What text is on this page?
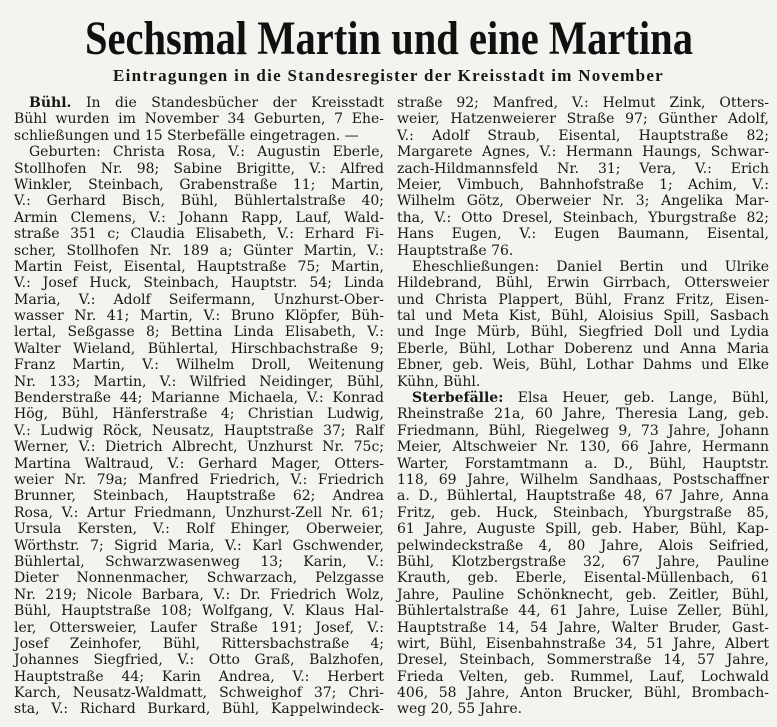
Sechsmal Martin und eine Martina
Eintragungen in die Standesregister der Kreisstadt im November
Bühl. In die Standesbücher der Kreisstadt
Bühl wurden im November 34 Geburten, 7 Ehe-
schließungen und 15 Sterbefälle eingetragen. —
Geburten: Christa Rosa, V.: Augustin Eberle,
Stollhofen Nr. 98; Sabine Brigitte, V.: Alfred
Winkler, Steinbach, Grabenstraße 11; Martin,
V.: Gerhard Bisch, Bühl, Bühlertalstraße 40;
Armin Clemens, V.: Johann Rapp, Lauf, Wald-
straße 351 c; Claudia Elisabeth, V.: Erhard Fi-
scher, Stollhofen Nr. 189 a; Günter Martin, V.:
Martin Feist, Eisental, Hauptstraße 75; Martin,
V.: Josef Huck, Steinbach, Hauptstr. 54; Linda
Maria, V.: Adolf Seifermann, Unzhurst-Ober-
wasser Nr. 41; Martin, V.: Bruno Klöpfer, Büh-
lertal, Seßgasse 8; Bettina Linda Elisabeth, V.:
Walter Wieland, Bühlertal, Hirschbachstraße 9;
Franz Martin, V.: Wilhelm Droll, Weitenung
Nr. 133; Martin, V.: Wilfried Neidinger, Bühl,
Benderstraße 44; Marianne Michaela, V.: Konrad
Hög, Bühl, Hänferstraße 4; Christian Ludwig,
V.: Ludwig Röck, Neusatz, Hauptstraße 37; Ralf
Werner, V.: Dietrich Albrecht, Unzhurst Nr. 75c;
Martina Waltraud, V.: Gerhard Mager, Otters-
weier Nr. 79a; Manfred Friedrich, V.: Friedrich
Brunner, Steinbach, Hauptstraße 62; Andrea
Rosa, V.: Artur Friedmann, Unzhurst-Zell Nr. 61;
Ursula Kersten, V.: Rolf Ehinger, Oberweier,
Wörthstr. 7; Sigrid Maria, V.: Karl Gschwender,
Bühlertal, Schwarzwasenweg 13; Karin, V.:
Dieter Nonnenmacher, Schwarzach, Pelzgasse
Nr. 219; Nicole Barbara, V.: Dr. Friedrich Wolz,
Bühl, Hauptstraße 108; Wolfgang, V. Klaus Hal-
ler, Ottersweier, Laufer Straße 191; Josef, V.:
Josef Zeinhofer, Bühl, Rittersbachstraße 4;
Johannes Siegfried, V.: Otto Graß, Balzhofen,
Hauptstraße 44; Karin Andrea, V.: Herbert
Karch, Neusatz-Waldmatt, Schweighof 37; Chri-
sta, V.: Richard Burkard, Bühl, Kappelwindeck-
straße 92; Manfred, V.: Helmut Zink, Otters-
weier, Hatzenweierer Straße 97; Günther Adolf,
V.: Adolf Straub, Eisental, Hauptstraße 82;
Margarete Agnes, V.: Hermann Haungs, Schwar-
zach-Hildmannsfeld Nr. 31; Vera, V.: Erich
Meier, Vimbuch, Bahnhofstraße 1; Achim, V.:
Wilhelm Götz, Oberweier Nr. 3; Angelika Mar-
tha, V.: Otto Dresel, Steinbach, Yburgstraße 82;
Hans Eugen, V.: Eugen Baumann, Eisental,
Hauptstraße 76.
Eheschließungen: Daniel Bertin und Ulrike
Hildebrand, Bühl, Erwin Girrbach, Ottersweier
und Christa Plappert, Bühl, Franz Fritz, Eisen-
tal und Meta Kist, Bühl, Aloisius Spill, Sasbach
und Inge Mürb, Bühl, Siegfried Doll und Lydia
Eberle, Bühl, Lothar Doberenz und Anna Maria
Ebner, geb. Weis, Bühl, Lothar Dahms und Elke
Kühn, Bühl.
Sterbefälle: Elsa Heuer, geb. Lange, Bühl,
Rheinstraße 21a, 60 Jahre, Theresia Lang, geb.
Friedmann, Bühl, Riegelweg 9, 73 Jahre, Johann
Meier, Altschweier Nr. 130, 66 Jahre, Hermann
Warter, Forstamtmann a. D., Bühl, Hauptstr.
118, 69 Jahre, Wilhelm Sandhaas, Postschaffner
a. D., Bühlertal, Hauptstraße 48, 67 Jahre, Anna
Fritz, geb. Huck, Steinbach, Yburgstraße 85,
61 Jahre, Auguste Spill, geb. Haber, Bühl, Kap-
pelwindeckstraße 4, 80 Jahre, Alois Seifried,
Bühl, Klotzbergstraße 32, 67 Jahre, Pauline
Krauth, geb. Eberle, Eisental-Müllenbach, 61
Jahre, Pauline Schönknecht, geb. Zeitler, Bühl,
Bühlertalstraße 44, 61 Jahre, Luise Zeller, Bühl,
Hauptstraße 14, 54 Jahre, Walter Bruder, Gast-
wirt, Bühl, Eisenbahnstraße 34, 51 Jahre, Albert
Dresel, Steinbach, Sommerstraße 14, 57 Jahre,
Frieda Velten, geb. Rummel, Lauf, Lochwald
406, 58 Jahre, Anton Brucker, Bühl, Brombach-
weg 20, 55 Jahre.
